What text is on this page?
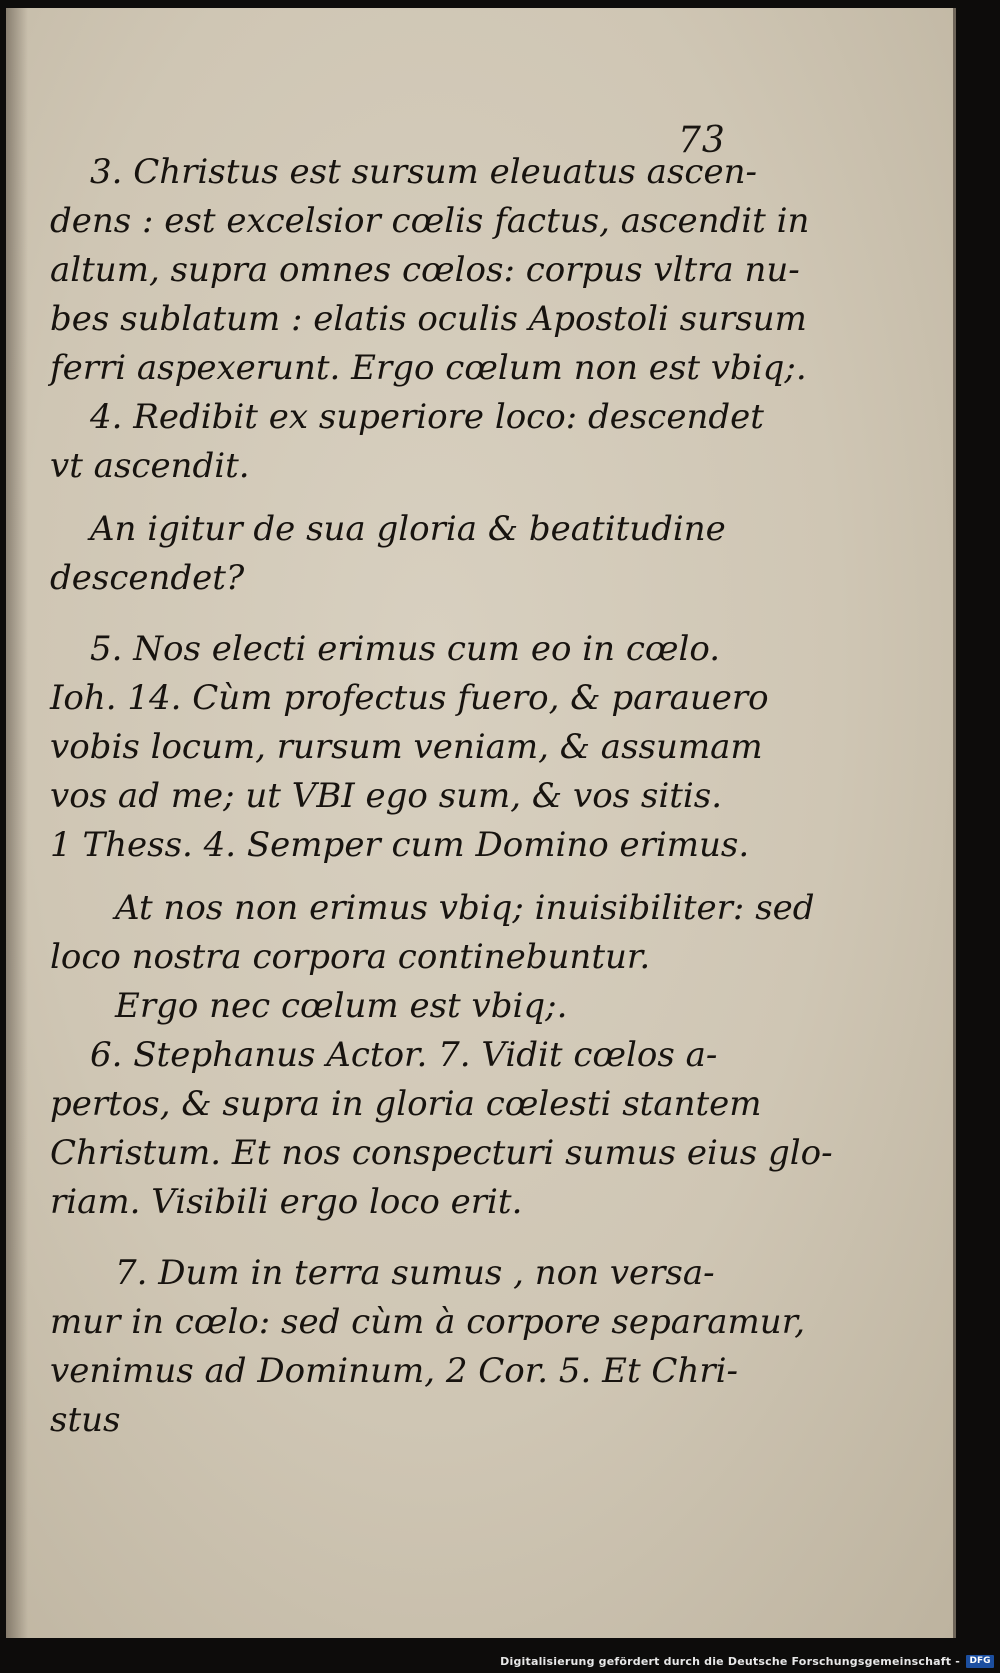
73
3. Christus est sursum eleuatus ascen-
dens : est excelsior cœlis factus, ascendit in
altum, supra omnes cœlos: corpus vltra nu-
bes sublatum : elatis oculis Apostoli sursum
ferri aspexerunt. Ergo cœlum non est vbiq;.
4. Redibit ex superiore loco: descendet
vt ascendit.
An igitur de sua gloria & beatitudine
descendet?
5. Nos electi erimus cum eo in cœlo.
Ioh. 14. Cùm profectus fuero, & parauero
vobis locum, rursum veniam, & assumam
vos ad me; ut VBI ego sum, & vos sitis.
1 Thess. 4. Semper cum Domino erimus.
At nos non erimus vbiq; inuisibiliter: sed
loco nostra corpora continebuntur.
Ergo nec cœlum est vbiq;.
6. Stephanus Actor. 7. Vidit cœlos a-
pertos, & supra in gloria cœlesti stantem
Christum. Et nos conspecturi sumus eius glo-
riam. Visibili ergo loco erit.
7. Dum in terra sumus , non versa-
mur in cœlo: sed cùm à corpore separamur,
venimus ad Dominum, 2 Cor. 5. Et Chri-
stus
Digitalisierung gefördert durch die Deutsche Forschungsgemeinschaft -	DFG
